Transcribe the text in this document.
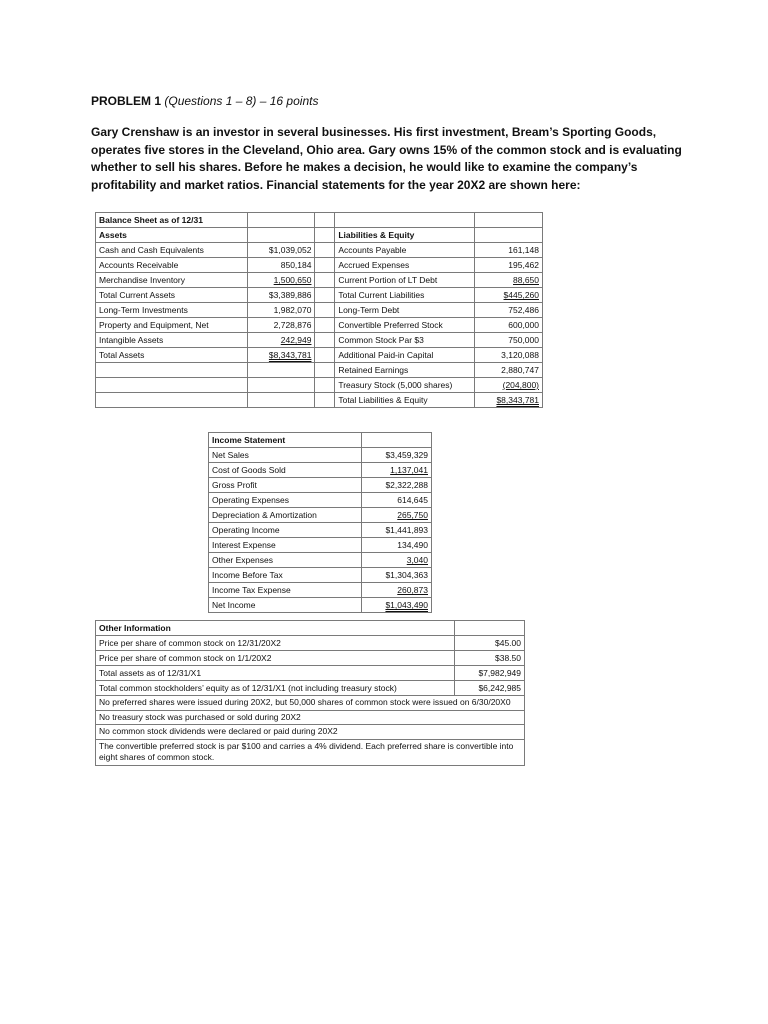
PROBLEM 1 (Questions 1 – 8) – 16 points
Gary Crenshaw is an investor in several businesses. His first investment, Bream’s Sporting Goods, operates five stores in the Cleveland, Ohio area. Gary owns 15% of the common stock and is evaluating whether to sell his shares. Before he makes a decision, he would like to examine the company’s profitability and market ratios. Financial statements for the year 20X2 are shown here:
Balance Sheet as of 12/31				
Assets			Liabilities & Equity	
Cash and Cash Equivalents	$1,039,052		Accounts Payable	161,148
Accounts Receivable	850,184		Accrued Expenses	195,462
Merchandise Inventory	1,500,650		Current Portion of LT Debt	88,650
Total Current Assets	$3,389,886		Total Current Liabilities	$445,260
Long-Term Investments	1,982,070		Long-Term Debt	752,486
Property and Equipment, Net	2,728,876		Convertible Preferred Stock	600,000
Intangible Assets	242,949		Common Stock Par $3	750,000
Total Assets	$8,343,781		Additional Paid-in Capital	3,120,088
			Retained Earnings	2,880,747
			Treasury Stock (5,000 shares)	(204,800)
			Total Liabilities & Equity	$8,343,781
Income Statement	
Net Sales	$3,459,329
Cost of Goods Sold	1,137,041
Gross Profit	$2,322,288
Operating Expenses	614,645
Depreciation & Amortization	265,750
Operating Income	$1,441,893
Interest Expense	134,490
Other Expenses	3,040
Income Before Tax	$1,304,363
Income Tax Expense	260,873
Net Income	$1,043,490
Other Information	
Price per share of common stock on 12/31/20X2	$45.00
Price per share of common stock on 1/1/20X2	$38.50
Total assets as of 12/31/X1	$7,982,949
Total common stockholders’ equity as of 12/31/X1 (not including treasury stock)	$6,242,985
No preferred shares were issued during 20X2, but 50,000 shares of common stock were issued on 6/30/20X0	
No treasury stock was purchased or sold during 20X2	
No common stock dividends were declared or paid during 20X2	
The convertible preferred stock is par $100 and carries a 4% dividend. Each preferred share is convertible into eight shares of common stock.	
